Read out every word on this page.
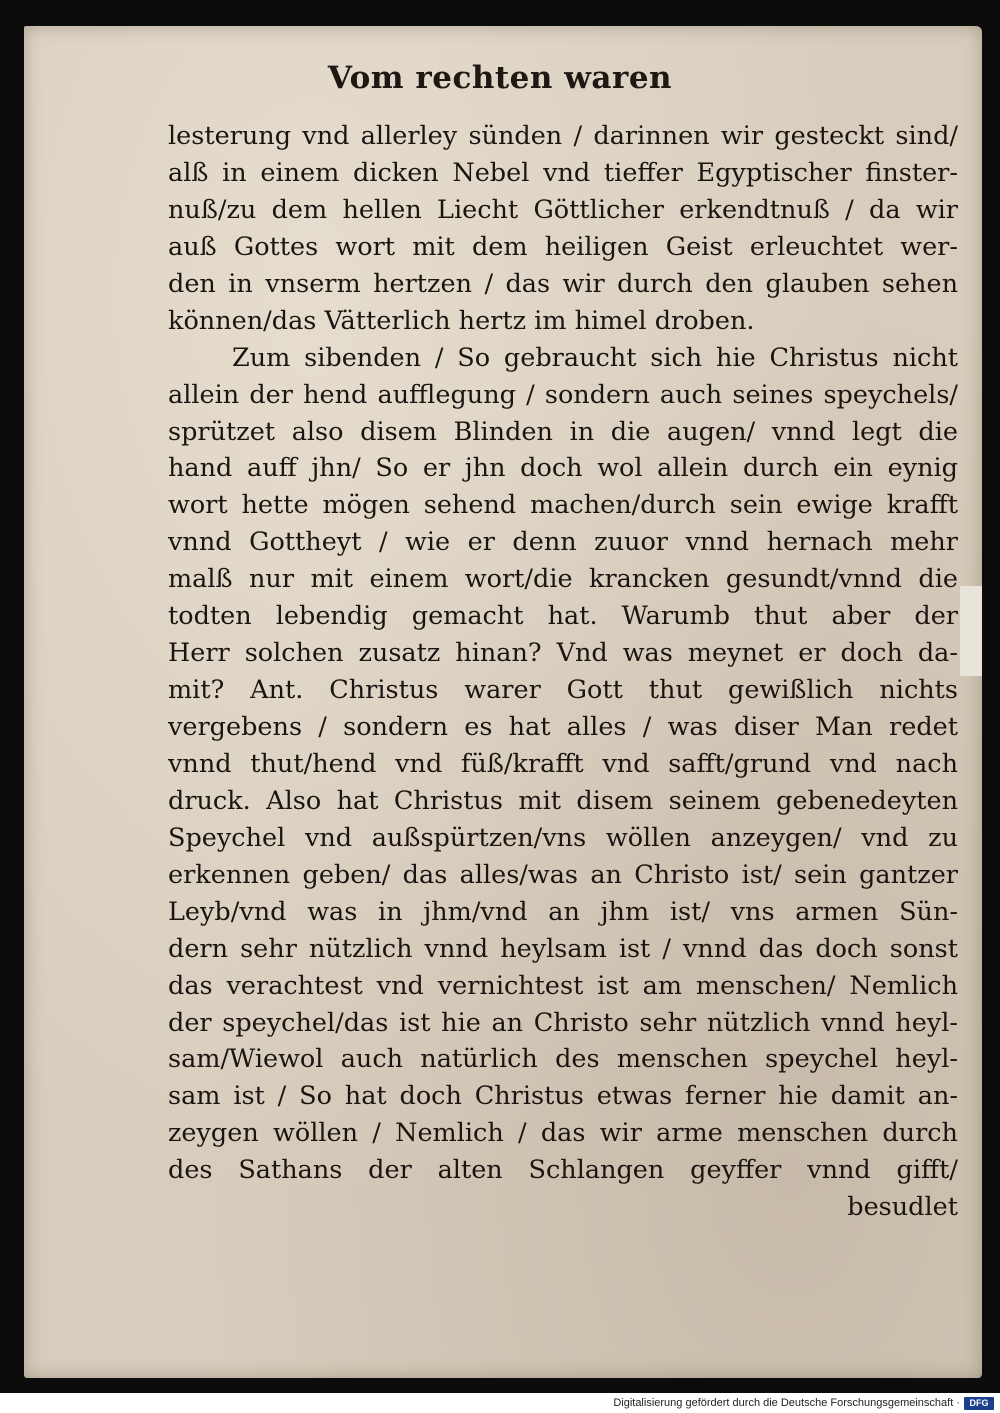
Vom rechten waren
lesterung vnd allerley sünden / darinnen wir gesteckt sind/
alß in einem dicken Nebel vnd tieffer Egyptischer finster-
nuß/zu dem hellen Liecht Göttlicher erkendtnuß / da wir
auß Gottes wort mit dem heiligen Geist erleuchtet wer-
den in vnserm hertzen / das wir durch den glauben sehen
können/das Vätterlich hertz im himel droben.
Zum sibenden / So gebraucht sich hie Christus nicht
allein der hend aufflegung / sondern auch seines speychels/
sprützet also disem Blinden in die augen/ vnnd legt die
hand auff jhn/ So er jhn doch wol allein durch ein eynig
wort hette mögen sehend machen/durch sein ewige krafft
vnnd Gottheyt / wie er denn zuuor vnnd hernach mehr
malß nur mit einem wort/die krancken gesundt/vnnd die
todten lebendig gemacht hat. Warumb thut aber der
Herr solchen zusatz hinan? Vnd was meynet er doch da-
mit? Ant. Christus warer Gott thut gewißlich nichts
vergebens / sondern es hat alles / was diser Man redet
vnnd thut/hend vnd füß/krafft vnd safft/grund vnd nach
druck. Also hat Christus mit disem seinem gebenedeyten
Speychel vnd außspürtzen/vns wöllen anzeygen/ vnd zu
erkennen geben/ das alles/was an Christo ist/ sein gantzer
Leyb/vnd was in jhm/vnd an jhm ist/ vns armen Sün-
dern sehr nützlich vnnd heylsam ist / vnnd das doch sonst
das verachtest vnd vernichtest ist am menschen/ Nemlich
der speychel/das ist hie an Christo sehr nützlich vnnd heyl-
sam/Wiewol auch natürlich des menschen speychel heyl-
sam ist / So hat doch Christus etwas ferner hie damit an-
zeygen wöllen / Nemlich / das wir arme menschen durch
des Sathans der alten Schlangen geyffer vnnd gifft/
besudlet
Digitalisierung gefördert durch die Deutsche Forschungsgemeinschaft ·	DFG
